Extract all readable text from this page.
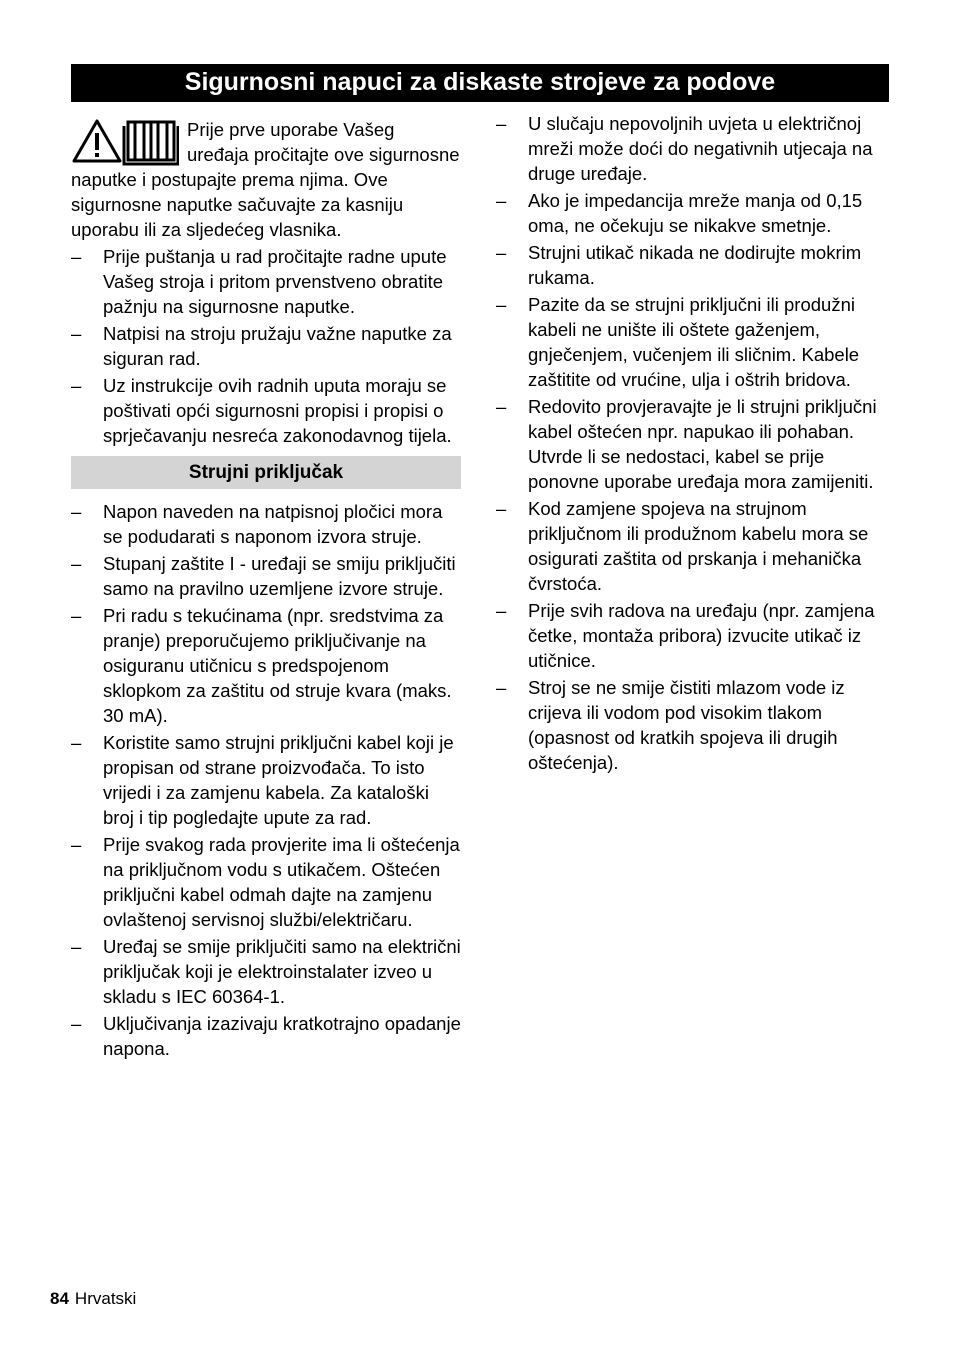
Sigurnosni napuci za diskaste strojeve za podove
Prije prve uporabe Vašeg uređaja pročitajte ove sigurnosne naputke i postupajte prema njima. Ove sigurnosne naputke sačuvajte za kasniju uporabu ili za sljedećeg vlasnika.
– Prije puštanja u rad pročitajte radne upute Vašeg stroja i pritom prvenstveno obratite pažnju na sigurnosne naputke.
– Natpisi na stroju pružaju važne naputke za siguran rad.
– Uz instrukcije ovih radnih uputa moraju se poštivati opći sigurnosni propisi i propisi o sprječavanju nesreća zakonodavnog tijela.
Strujni priključak
– Napon naveden na natpisnoj pločici mora se podudarati s naponom izvora struje.
– Stupanj zaštite I - uređaji se smiju priključiti samo na pravilno uzemljene izvore struje.
– Pri radu s tekućinama (npr. sredstvima za pranje) preporučujemo priključivanje na osiguranu utičnicu s predspojenom sklopkom za zaštitu od struje kvara (maks. 30 mA).
– Koristite samo strujni priključni kabel koji je propisan od strane proizvođača. To isto vrijedi i za zamjenu kabela. Za kataloški broj i tip pogledajte upute za rad.
– Prije svakog rada provjerite ima li oštećenja na priključnom vodu s utikačem. Oštećen priključni kabel odmah dajte na zamjenu ovlaštenoj servisnoj službi/električaru.
– Uređaj se smije priključiti samo na električni priključak koji je elektroinstalater izveo u skladu s IEC 60364-1.
– Uključivanja izazivaju kratkotrajno opadanje napona.
– U slučaju nepovoljnih uvjeta u električnoj mreži može doći do negativnih utjecaja na druge uređaje.
– Ako je impedancija mreže manja od 0,15 oma, ne očekuju se nikakve smetnje.
– Strujni utikač nikada ne dodirujte mokrim rukama.
– Pazite da se strujni priključni ili produžni kabeli ne unište ili oštete gaženjem, gnječenjem, vučenjem ili sličnim. Kabele zaštitite od vrućine, ulja i oštrih bridova.
– Redovito provjeravajte je li strujni priključni kabel oštećen npr. napukao ili pohaban. Utvrde li se nedostaci, kabel se prije ponovne uporabe uređaja mora zamijeniti.
– Kod zamjene spojeva na strujnom priključnom ili produžnom kabelu mora se osigurati zaštita od prskanja i mehanička čvrstoća.
– Prije svih radova na uređaju (npr. zamjena četke, montaža pribora) izvucite utikač iz utičnice.
– Stroj se ne smije čistiti mlazom vode iz crijeva ili vodom pod visokim tlakom (opasnost od kratkih spojeva ili drugih oštećenja).
84 Hrvatski
